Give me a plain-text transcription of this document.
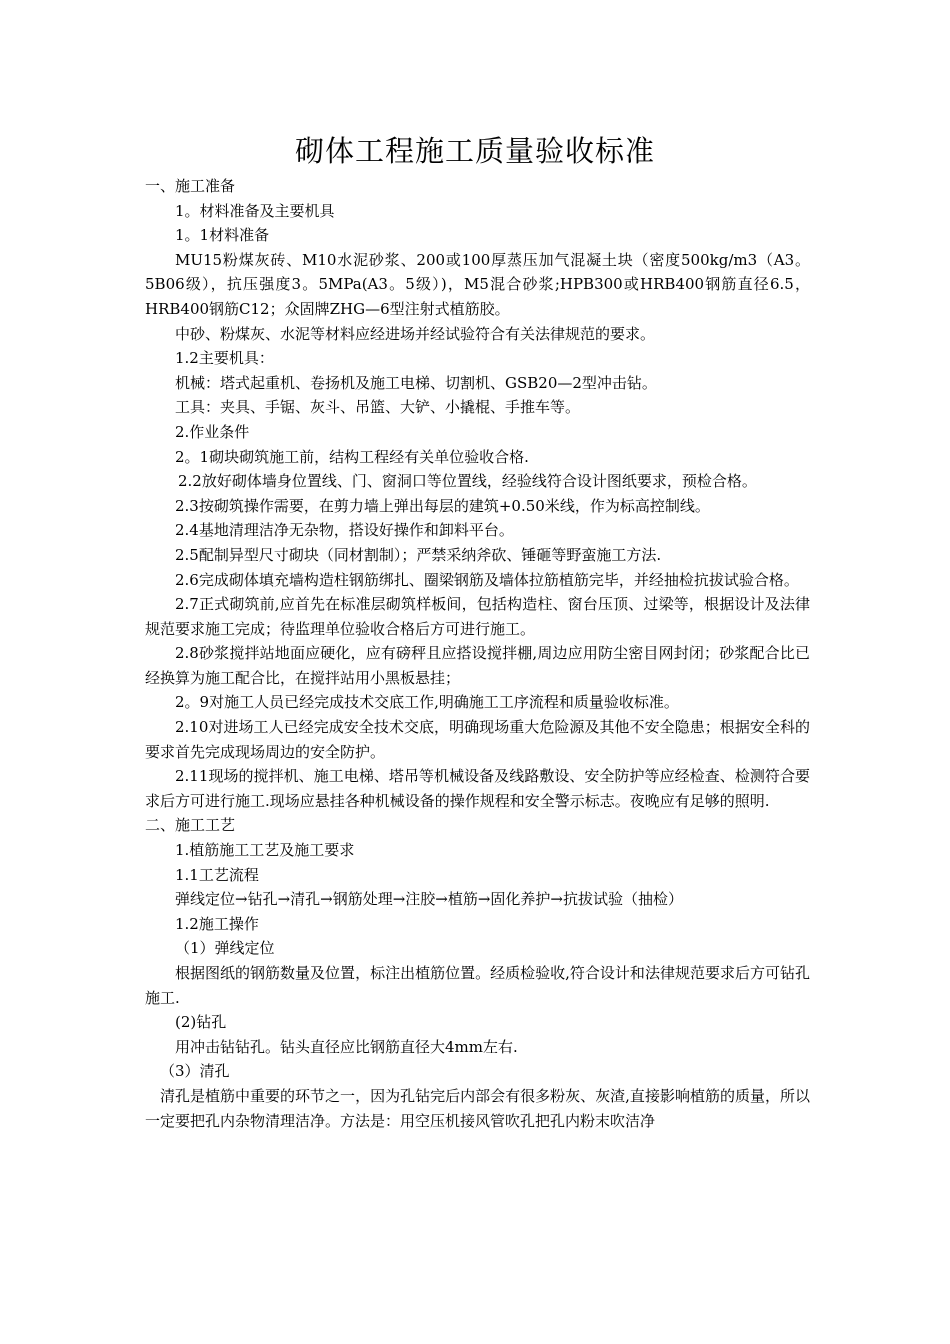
砌体工程施工质量验收标准

一、施工准备

1。材料准备及主要机具

1。1材料准备

MU15粉煤灰砖、M10水泥砂浆、200或100厚蒸压加气混凝土块（密度500kg/m3（A3。5B06级），抗压强度3。5MPa(A3。5级）)，M5混合砂浆;HPB300或HRB400钢筋直径6.5，HRB400钢筋C12；众固牌ZHG—6型注射式植筋胶。

中砂、粉煤灰、水泥等材料应经进场并经试验符合有关法律规范的要求。

1.2主要机具：

机械：塔式起重机、卷扬机及施工电梯、切割机、GSB20—2型冲击钻。

工具：夹具、手锯、灰斗、吊篮、大铲、小撬棍、手推车等。

2.作业条件

2。1砌块砌筑施工前，结构工程经有关单位验收合格.

2.2放好砌体墙身位置线、门、窗洞口等位置线，经验线符合设计图纸要求，预检合格。

2.3按砌筑操作需要，在剪力墙上弹出每层的建筑+0.50米线，作为标高控制线。

2.4基地清理洁净无杂物，搭设好操作和卸料平台。

2.5配制异型尺寸砌块（同材割制）；严禁采纳斧砍、锤砸等野蛮施工方法.

2.6完成砌体填充墙构造柱钢筋绑扎、圈梁钢筋及墙体拉筋植筋完毕，并经抽检抗拔试验合格。

2.7正式砌筑前,应首先在标准层砌筑样板间，包括构造柱、窗台压顶、过梁等，根据设计及法律规范要求施工完成；待监理单位验收合格后方可进行施工。

2.8砂浆搅拌站地面应硬化，应有磅秤且应搭设搅拌棚,周边应用防尘密目网封闭；砂浆配合比已经换算为施工配合比，在搅拌站用小黑板悬挂；

2。9对施工人员已经完成技术交底工作,明确施工工序流程和质量验收标准。

2.10对进场工人已经完成安全技术交底，明确现场重大危险源及其他不安全隐患；根据安全科的要求首先完成现场周边的安全防护。

2.11现场的搅拌机、施工电梯、塔吊等机械设备及线路敷设、安全防护等应经检查、检测符合要求后方可进行施工.现场应悬挂各种机械设备的操作规程和安全警示标志。夜晚应有足够的照明.

二、施工工艺

1.植筋施工工艺及施工要求

1.1工艺流程

弹线定位→钻孔→清孔→钢筋处理→注胶→植筋→固化养护→抗拔试验（抽检）

1.2施工操作

（1）弹线定位

根据图纸的钢筋数量及位置，标注出植筋位置。经质检验收,符合设计和法律规范要求后方可钻孔施工.

(2)钻孔

用冲击钻钻孔。钻头直径应比钢筋直径大4mm左右.

（3）清孔

清孔是植筋中重要的环节之一，因为孔钻完后内部会有很多粉灰、灰渣,直接影响植筋的质量，所以一定要把孔内杂物清理洁净。方法是：用空压机接风管吹孔把孔内粉末吹洁净
